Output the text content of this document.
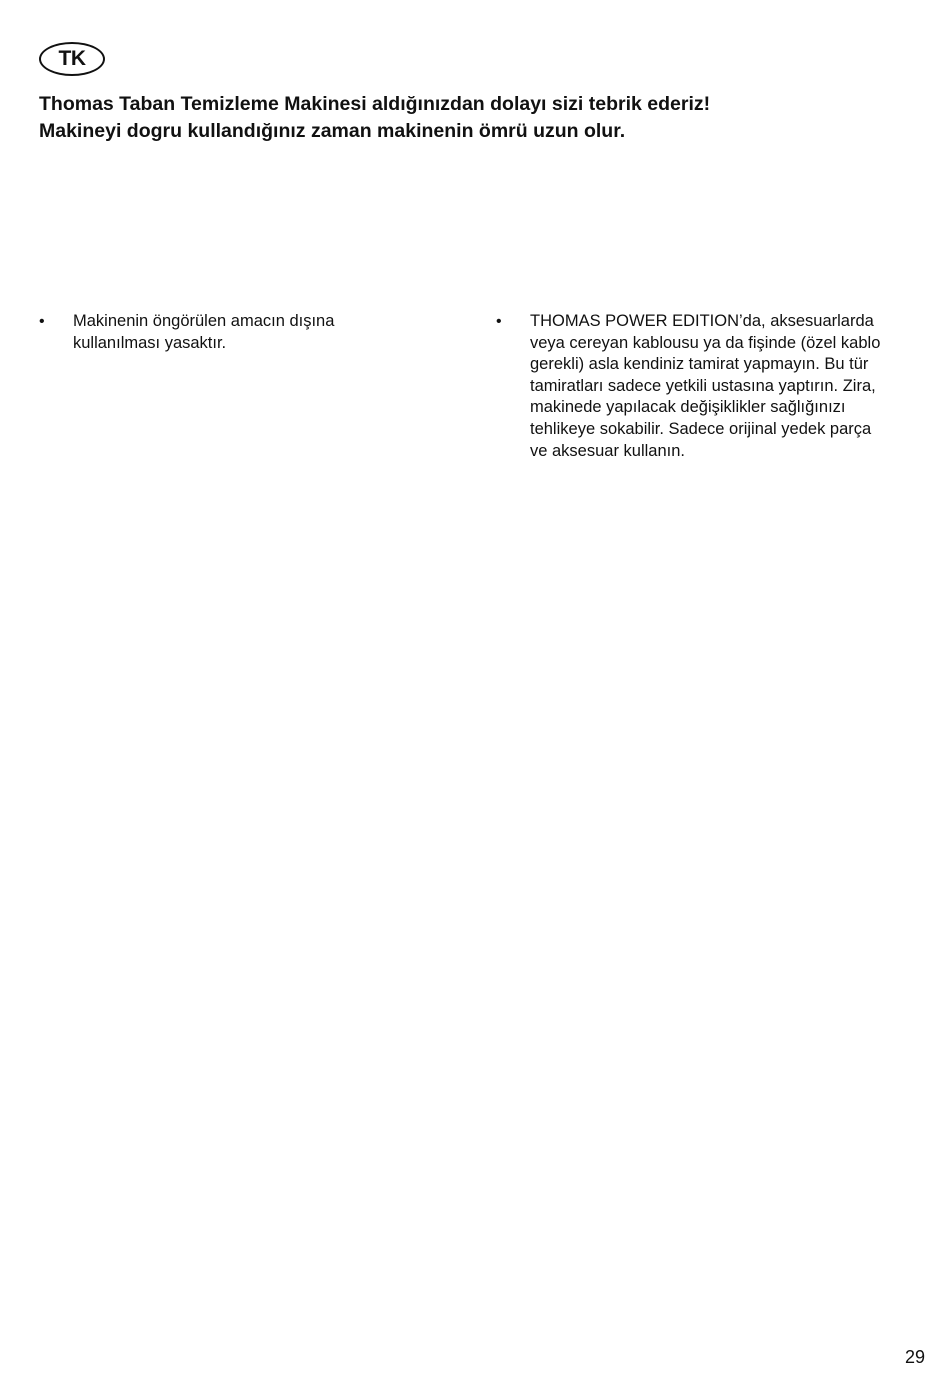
TK
Thomas Taban Temizleme Makinesi aldığınızdan dolayı sizi tebrik ederiz!
Makineyi dogru kullandığınız zaman makinenin ömrü uzun olur.
• Makinenin öngörülen amacın dışına
kullanılması yasaktır.
• THOMAS POWER EDITION’da, aksesuarlarda
veya cereyan kablousu ya da fişinde (özel kablo
gerekli) asla kendiniz tamirat yapmayın. Bu tür
tamiratları sadece yetkili ustasına yaptırın. Zira,
makinede yapılacak değişiklikler sağlığınızı
tehlikeye sokabilir. Sadece orijinal yedek parça
ve aksesuar kullanın.
29
